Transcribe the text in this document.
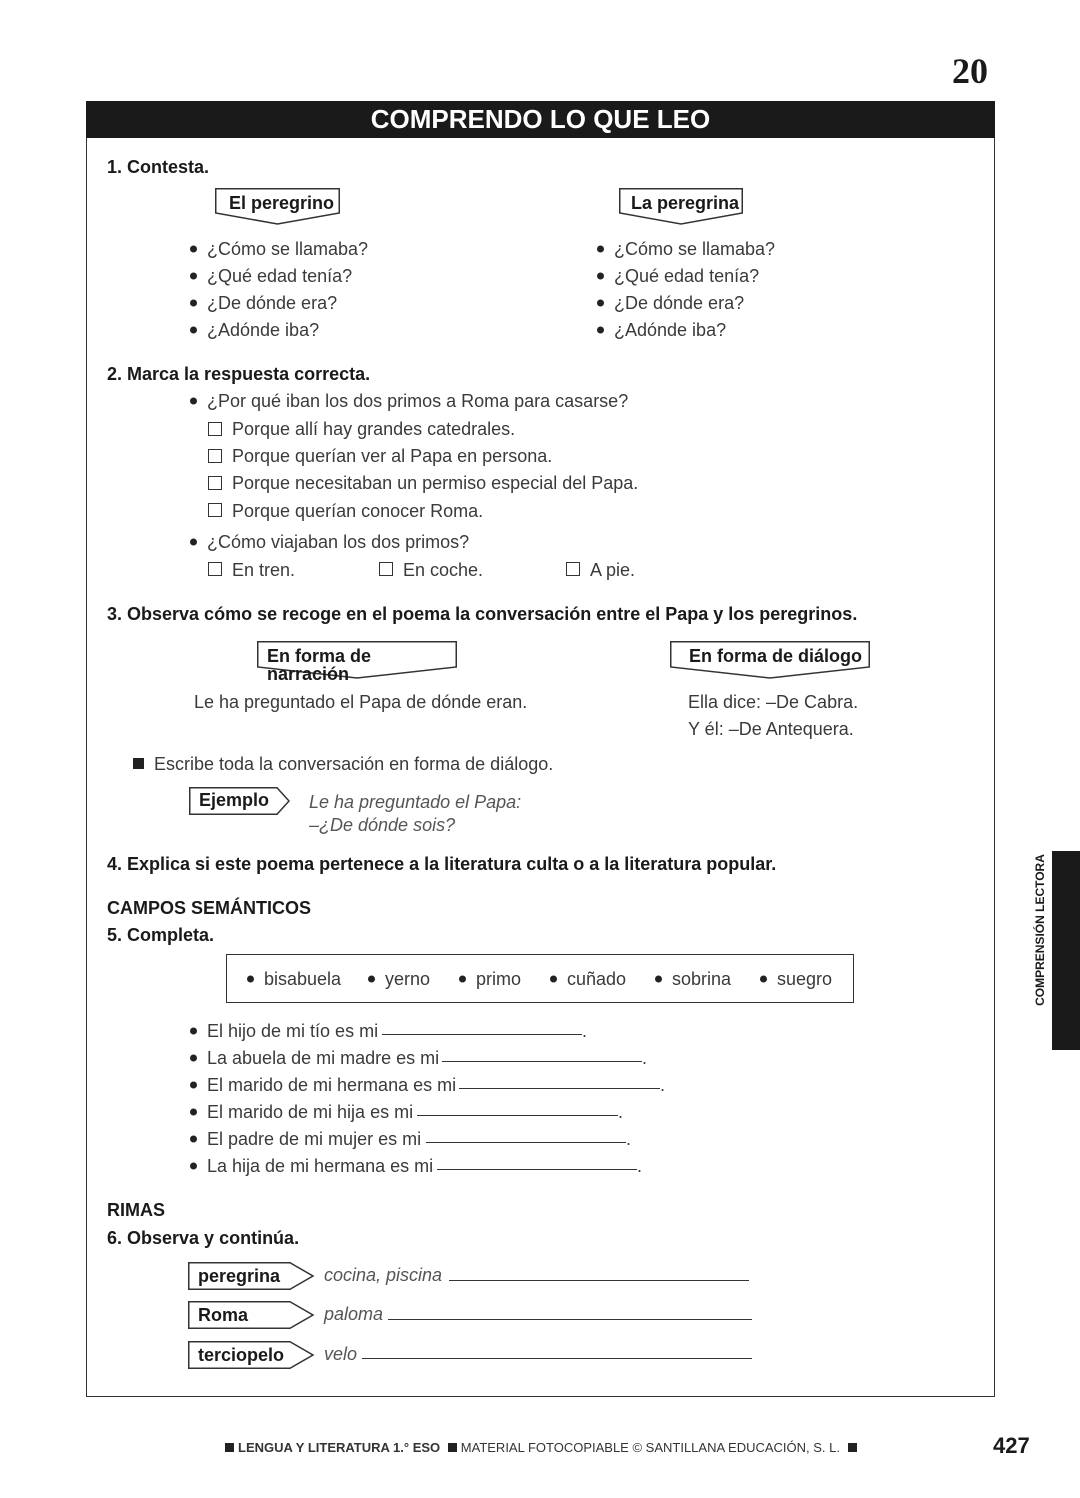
20
COMPRENDO LO QUE LEO
1. Contesta.
El peregrino	La peregrina
¿Cómo se llamaba?
¿Qué edad tenía?
¿De dónde era?
¿Adónde iba?
¿Cómo se llamaba?
¿Qué edad tenía?
¿De dónde era?
¿Adónde iba?
2. Marca la respuesta correcta.
¿Por qué iban los dos primos a Roma para casarse?
Porque allí hay grandes catedrales.
Porque querían ver al Papa en persona.
Porque necesitaban un permiso especial del Papa.
Porque querían conocer Roma.
¿Cómo viajaban los dos primos?
En tren.	En coche.	A pie.
3. Observa cómo se recoge en el poema la conversación entre el Papa y los peregrinos.
En forma de narración
En forma de diálogo
Le ha preguntado el Papa de dónde eran.	Ella dice: –De Cabra.
Y él: –De Antequera.
Escribe toda la conversación en forma de diálogo.
Ejemplo Le ha preguntado el Papa:
–¿De dónde sois?
4. Explica si este poema pertenece a la literatura culta o a la literatura popular.
CAMPOS SEMÁNTICOS
5. Completa.
bisabuela yerno	primo	cuñado	sobrina	suegro
El hijo de mi tío es mi	.
La abuela de mi madre es mi	.
El marido de mi hermana es mi	.
El marido de mi hija es mi	.
El padre de mi mujer es mi	.
La hija de mi hermana es mi	.
RIMAS
6. Observa y continúa.
peregrina cocina, piscina
Roma	paloma
terciopelo velo
COMPRENSIÓN LECTORA
LENGUA Y LITERATURA 1.° ESO MATERIAL FOTOCOPIABLE © SANTILLANA EDUCACIÓN, S. L.	427
